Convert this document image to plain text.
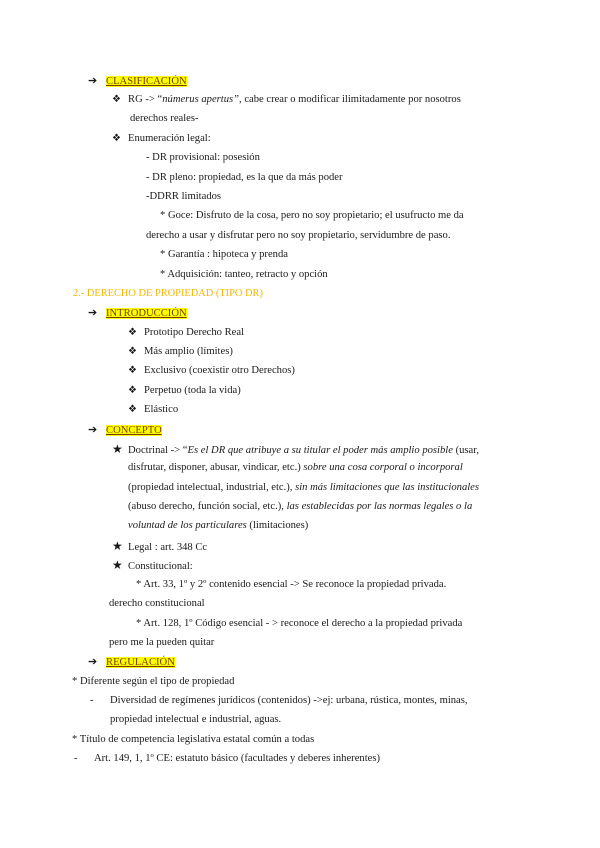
➔ CLASIFICACIÓN
❖ RG -> “númerus apertus”, cabe crear o modificar ilimitadamente por nosotros
derechos reales-
❖ Enumeración legal:
- DR provisional: posesión
- DR pleno: propiedad, es la que da más poder
-DDRR limitados
* Goce: Disfruto de la cosa, pero no soy propietario; el usufructo me da
derecho a usar y disfrutar pero no soy propietario, servidumbre de paso.
* Garantía : hipoteca y prenda
* Adquisición: tanteo, retracto y opción
2.- DERECHO DE PROPIEDAD (TIPO DR)
➔ INTRODUCCIÓN
❖ Prototipo Derecho Real
❖ Más amplio (límites)
❖ Exclusivo (coexistir otro Derechos)
❖ Perpetuo (toda la vida)
❖ Elástico
➔ CONCEPTO
★ Doctrinal -> “Es el DR que atribuye a su titular el poder más amplio posible (usar,
disfrutar, disponer, abusar, vindicar, etc.) sobre una cosa corporal o incorporal
(propiedad intelectual, industrial, etc.), sin más limitaciones que las institucionales
(abuso derecho, función social, etc.), las establecidas por las normas legales o la
voluntad de los particulares (limitaciones)
★ Legal : art. 348 Cc
★ Constitucional:
* Art. 33, 1º y 2º contenido esencial -> Se reconoce la propiedad privada.
derecho constitucional
* Art. 128, 1º Código esencial - > reconoce el derecho a la propiedad privada
pero me la pueden quitar
➔ REGULACIÓN
* Diferente según el tipo de propiedad
- Diversidad de regímenes jurídicos (contenidos) ->ej: urbana, rústica, montes, minas,
propiedad intelectual e industrial, aguas.
* Título de competencia legislativa estatal común a todas
- Art. 149, 1, 1º CE: estatuto básico (facultades y deberes inherentes)
